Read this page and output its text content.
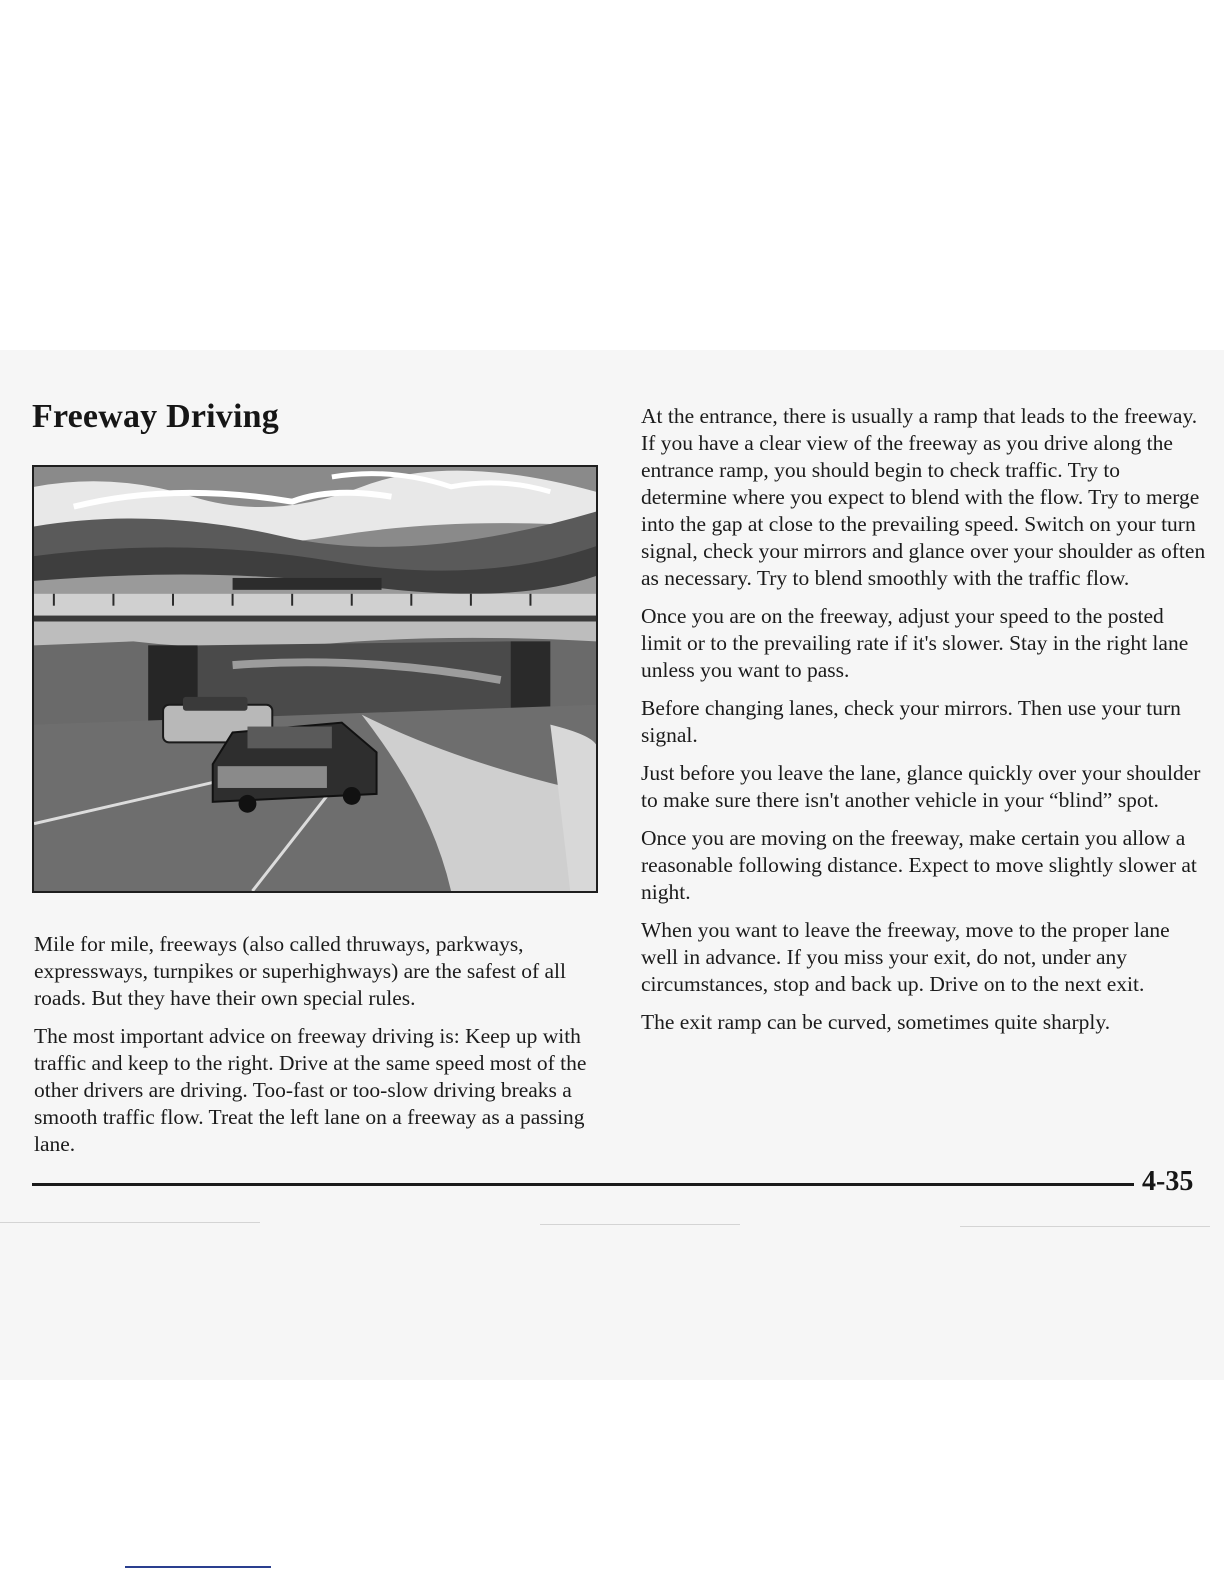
Freeway Driving

Mile for mile, freeways (also called thruways, parkways, expressways, turnpikes or superhighways) are the safest of all roads. But they have their own special rules.

The most important advice on freeway driving is: Keep up with traffic and keep to the right. Drive at the same speed most of the other drivers are driving. Too-fast or too-slow driving breaks a smooth traffic flow. Treat the left lane on a freeway as a passing lane.

At the entrance, there is usually a ramp that leads to the freeway. If you have a clear view of the freeway as you drive along the entrance ramp, you should begin to check traffic. Try to determine where you expect to blend with the flow. Try to merge into the gap at close to the prevailing speed. Switch on your turn signal, check your mirrors and glance over your shoulder as often as necessary. Try to blend smoothly with the traffic flow.

Once you are on the freeway, adjust your speed to the posted limit or to the prevailing rate if it's slower. Stay in the right lane unless you want to pass.

Before changing lanes, check your mirrors. Then use your turn signal.

Just before you leave the lane, glance quickly over your shoulder to make sure there isn't another vehicle in your “blind” spot.

Once you are moving on the freeway, make certain you allow a reasonable following distance. Expect to move slightly slower at night.

When you want to leave the freeway, move to the proper lane well in advance. If you miss your exit, do not, under any circumstances, stop and back up. Drive on to the next exit.

The exit ramp can be curved, sometimes quite sharply.

4-35
